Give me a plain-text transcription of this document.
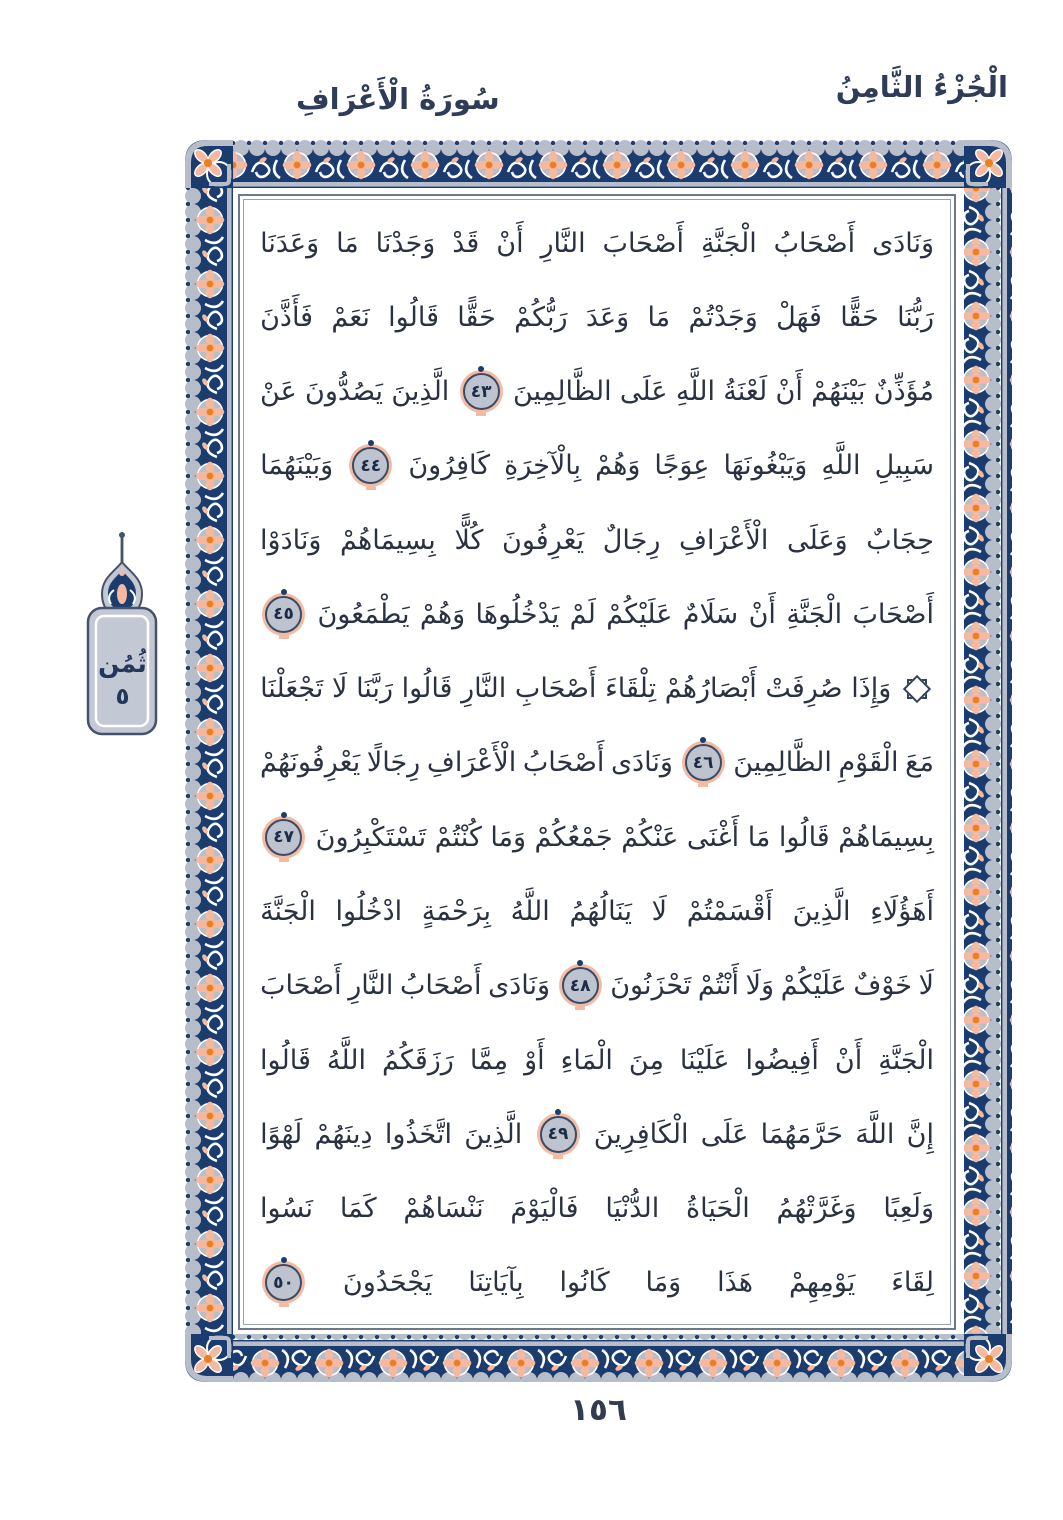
الْجُزْءُ الثَّامِنُ
سُورَةُ الْأَعْرَافِ
وَنَادَى
أَصْحَابُ
الْجَنَّةِ
أَصْحَابَ
النَّارِ
أَنْ
قَدْ
وَجَدْنَا
مَا
وَعَدَنَا
رَبُّنَا
حَقًّا
فَهَلْ
وَجَدْتُمْ
مَا
وَعَدَ
رَبُّكُمْ
حَقًّا
قَالُوا
نَعَمْ
فَأَذَّنَ
مُؤَذِّنٌ
بَيْنَهُمْ
أَنْ
لَعْنَةُ
اللَّهِ
عَلَى
الظَّالِمِينَ
٤٣
الَّذِينَ
يَصُدُّونَ
عَنْ
سَبِيلِ
اللَّهِ
وَيَبْغُونَهَا
عِوَجًا
وَهُمْ
بِالْآخِرَةِ
كَافِرُونَ
٤٤
وَبَيْنَهُمَا
حِجَابٌ
وَعَلَى
الْأَعْرَافِ
رِجَالٌ
يَعْرِفُونَ
كُلًّا
بِسِيمَاهُمْ
وَنَادَوْا
أَصْحَابَ
الْجَنَّةِ
أَنْ
سَلَامٌ
عَلَيْكُمْ
لَمْ
يَدْخُلُوهَا
وَهُمْ
يَطْمَعُونَ
٤٥
وَإِذَا
صُرِفَتْ
أَبْصَارُهُمْ
تِلْقَاءَ
أَصْحَابِ
النَّارِ
قَالُوا
رَبَّنَا
لَا
تَجْعَلْنَا
مَعَ
الْقَوْمِ
الظَّالِمِينَ
٤٦
وَنَادَى
أَصْحَابُ
الْأَعْرَافِ
رِجَالًا
يَعْرِفُونَهُمْ
بِسِيمَاهُمْ
قَالُوا
مَا
أَغْنَى
عَنْكُمْ
جَمْعُكُمْ
وَمَا
كُنْتُمْ
تَسْتَكْبِرُونَ
٤٧
أَهَؤُلَاءِ
الَّذِينَ
أَقْسَمْتُمْ
لَا
يَنَالُهُمُ
اللَّهُ
بِرَحْمَةٍ
ادْخُلُوا
الْجَنَّةَ
لَا
خَوْفٌ
عَلَيْكُمْ
وَلَا
أَنْتُمْ
تَحْزَنُونَ
٤٨
وَنَادَى
أَصْحَابُ
النَّارِ
أَصْحَابَ
الْجَنَّةِ
أَنْ
أَفِيضُوا
عَلَيْنَا
مِنَ
الْمَاءِ
أَوْ
مِمَّا
رَزَقَكُمُ
اللَّهُ
قَالُوا
إِنَّ
اللَّهَ
حَرَّمَهُمَا
عَلَى
الْكَافِرِينَ
٤٩
الَّذِينَ
اتَّخَذُوا
دِينَهُمْ
لَهْوًا
وَلَعِبًا
وَغَرَّتْهُمُ
الْحَيَاةُ
الدُّنْيَا
فَالْيَوْمَ
نَنْسَاهُمْ
كَمَا
نَسُوا
لِقَاءَ
يَوْمِهِمْ
هَذَا
وَمَا
كَانُوا
بِآيَاتِنَا
يَجْحَدُونَ
٥٠
ثُمُن
٥
١٥٦
